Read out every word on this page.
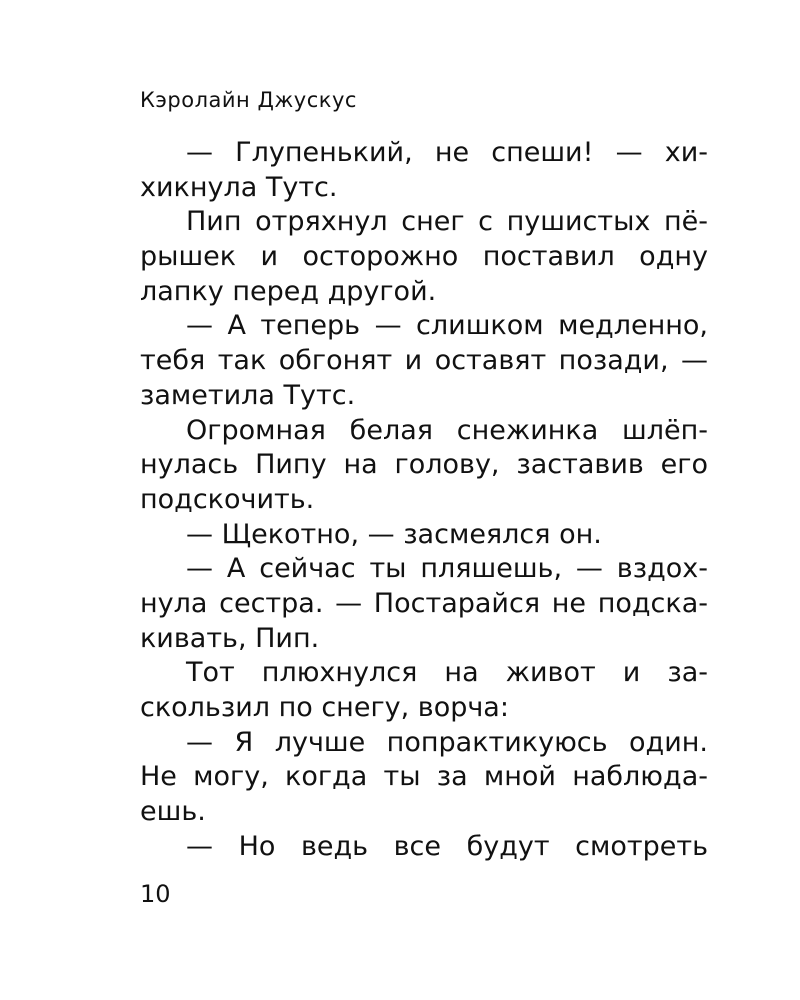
Кэролайн Джускус
— Глупенький, не спеши! — хи-
хикнула Тутс.
Пип отряхнул снег с пушистых пё-
рышек и осторожно поставил одну
лапку перед другой.
— А теперь — слишком медленно,
тебя так обгонят и оставят позади, —
заметила Тутс.
Огромная белая снежинка шлёп-
нулась Пипу на голову, заставив его
подскочить.
— Щекотно, — засмеялся он.
— А сейчас ты пляшешь, — вздох-
нула сестра. — Постарайся не подска-
кивать, Пип.
Тот плюхнулся на живот и за-
скользил по снегу, ворча:
— Я лучше попрактикуюсь один.
Не могу, когда ты за мной наблюда-
ешь.
— Но ведь все будут смотреть
10
